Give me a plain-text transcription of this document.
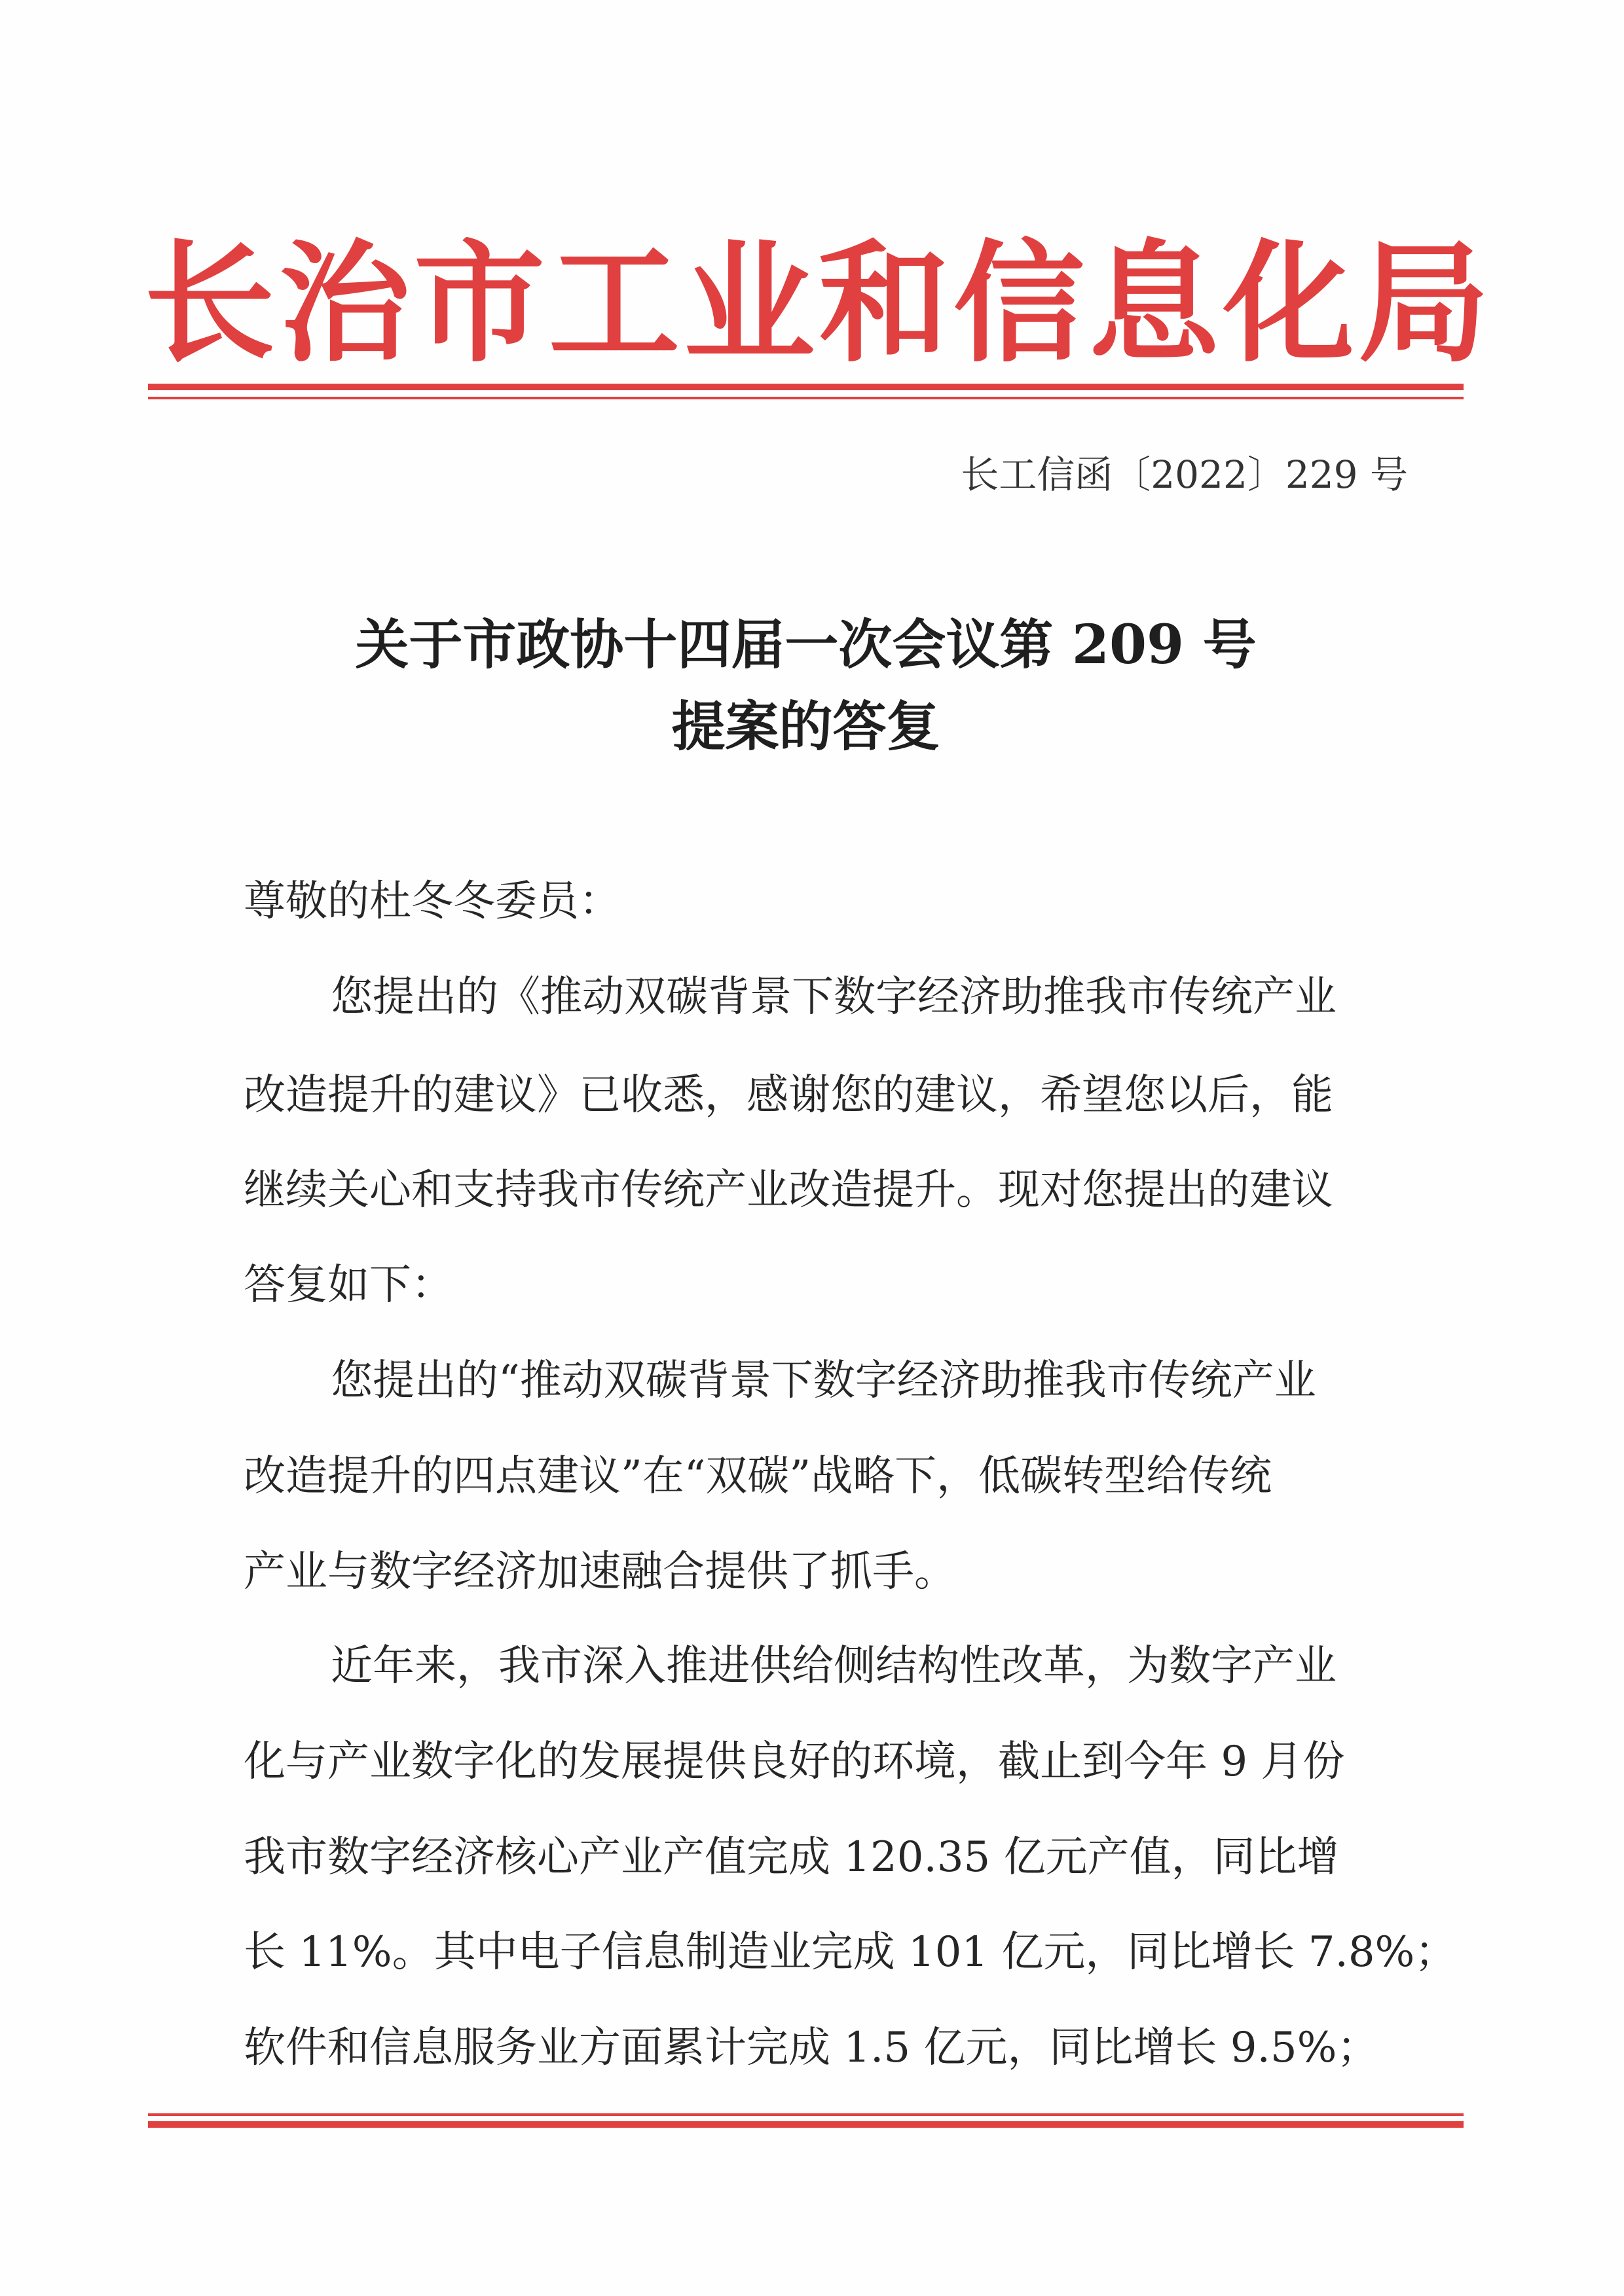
长治市工业和信息化局
长工信函〔2022〕229 号
关于市政协十四届一次会议第 209 号
提案的答复
尊敬的杜冬冬委员：
您提出的《推动双碳背景下数字经济助推我市传统产业
改造提升的建议》已收悉，感谢您的建议，希望您以后，能
继续关心和支持我市传统产业改造提升。现对您提出的建议
答复如下：
您提出的“推动双碳背景下数字经济助推我市传统产业
改造提升的四点建议”在“双碳”战略下，低碳转型给传统
产业与数字经济加速融合提供了抓手。
近年来，我市深入推进供给侧结构性改革，为数字产业
化与产业数字化的发展提供良好的环境，截止到今年 9 月份
我市数字经济核心产业产值完成 120.35 亿元产值，同比增
长 11%。其中电子信息制造业完成 101 亿元，同比增长 7.8%；
软件和信息服务业方面累计完成 1.5 亿元，同比增长 9.5%；
